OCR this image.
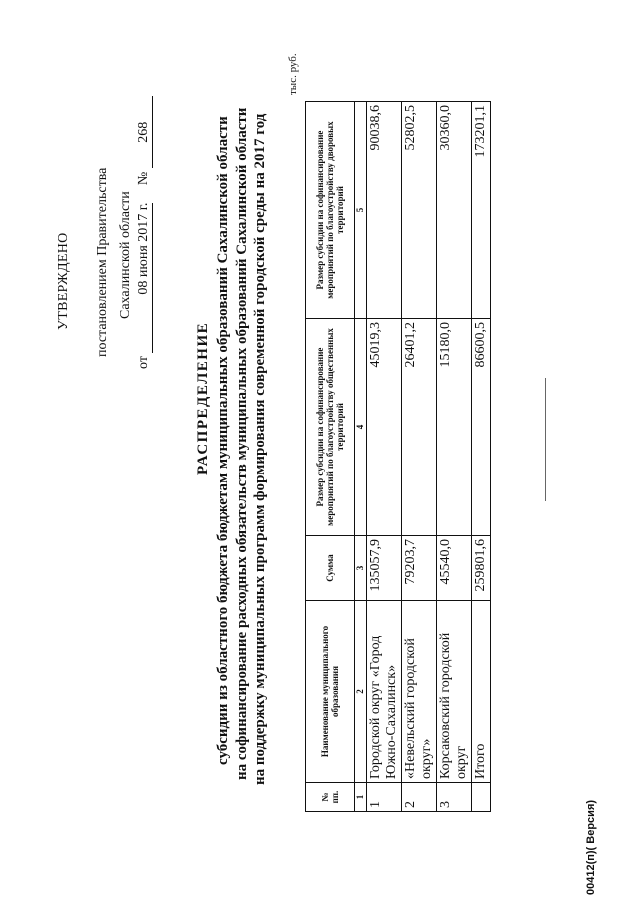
УТВЕРЖДЕНО постановлением Правительства Сахалинской области
от 08 июня 2017 г. № 268
РАСПРЕДЕЛЕНИЕ субсидии из областного бюджета бюджетам муниципальных образований Сахалинской области на софинансирование расходных обязательств муниципальных образований Сахалинской области на поддержку муниципальных программ формирования современной городской среды на 2017 год
тыс. руб.
№ пп.	Наименование муниципального образования	Сумма	Размер субсидии на софинансирование мероприятий по благоустройству общественных территорий	Размер субсидии на софинансирование мероприятий по благоустройству дворовых территорий
1	2	3	4	5
1	Городской округ «Город Южно-Сахалинск»	135057,9	45019,3	90038,6
2	«Невельский городской округ»	79203,7	26401,2	52802,5
3	Корсаковский городской округ	45540,0	15180,0	30360,0
	Итого	259801,6	86600,5	173201,1
00412(п)( Версия)
